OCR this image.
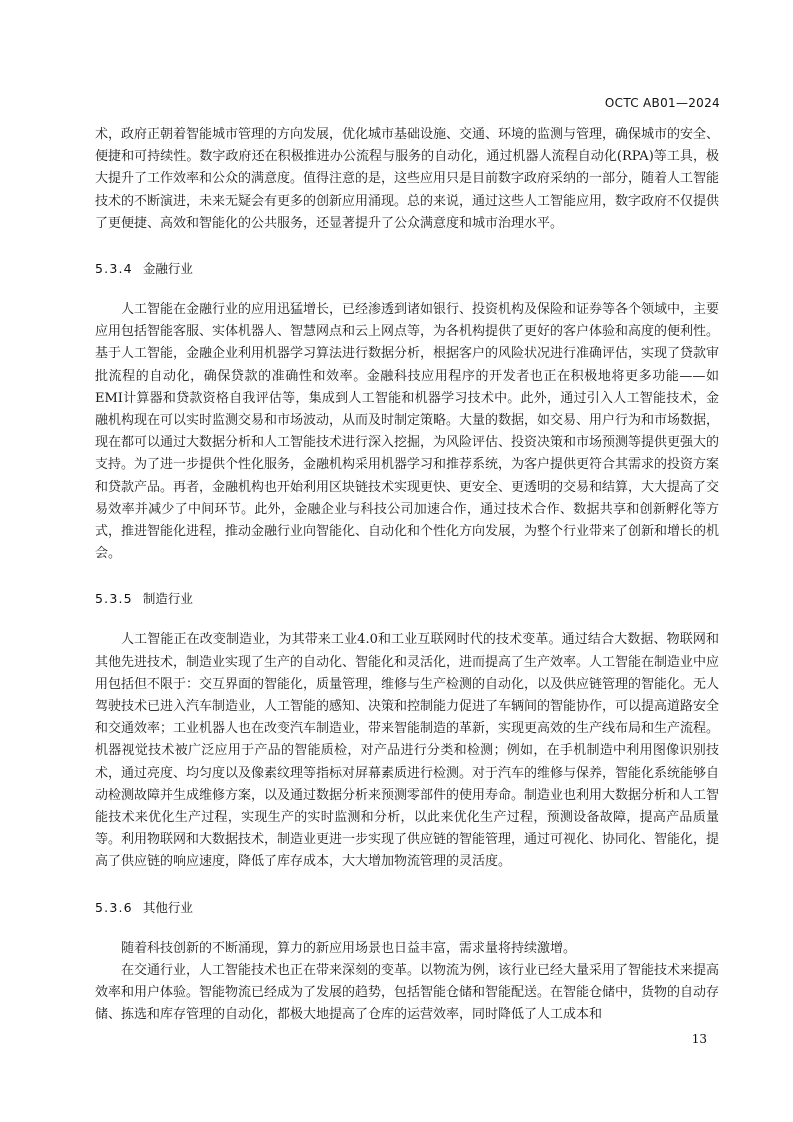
OCTC AB01—2024

术，政府正朝着智能城市管理的方向发展，优化城市基础设施、交通、环境的监测与管理，确保城市的安全、便捷和可持续性。数字政府还在积极推进办公流程与服务的自动化，通过机器人流程自动化(RPA)等工具，极大提升了工作效率和公众的满意度。值得注意的是，这些应用只是目前数字政府采纳的一部分，随着人工智能技术的不断演进，未来无疑会有更多的创新应用涌现。总的来说，通过这些人工智能应用，数字政府不仅提供了更便捷、高效和智能化的公共服务，还显著提升了公众满意度和城市治理水平。

5.3.4 金融行业

人工智能在金融行业的应用迅猛增长，已经渗透到诸如银行、投资机构及保险和证券等各个领域中，主要应用包括智能客服、实体机器人、智慧网点和云上网点等，为各机构提供了更好的客户体验和高度的便利性。基于人工智能，金融企业利用机器学习算法进行数据分析，根据客户的风险状况进行准确评估，实现了贷款审批流程的自动化，确保贷款的准确性和效率。金融科技应用程序的开发者也正在积极地将更多功能——如EMI计算器和贷款资格自我评估等，集成到人工智能和机器学习技术中。此外，通过引入人工智能技术，金融机构现在可以实时监测交易和市场波动，从而及时制定策略。大量的数据，如交易、用户行为和市场数据，现在都可以通过大数据分析和人工智能技术进行深入挖掘，为风险评估、投资决策和市场预测等提供更强大的支持。为了进一步提供个性化服务，金融机构采用机器学习和推荐系统，为客户提供更符合其需求的投资方案和贷款产品。再者，金融机构也开始利用区块链技术实现更快、更安全、更透明的交易和结算，大大提高了交易效率并减少了中间环节。此外，金融企业与科技公司加速合作，通过技术合作、数据共享和创新孵化等方式，推进智能化进程，推动金融行业向智能化、自动化和个性化方向发展，为整个行业带来了创新和增长的机会。

5.3.5 制造行业

人工智能正在改变制造业，为其带来工业4.0和工业互联网时代的技术变革。通过结合大数据、物联网和其他先进技术，制造业实现了生产的自动化、智能化和灵活化，进而提高了生产效率。人工智能在制造业中应用包括但不限于：交互界面的智能化，质量管理，维修与生产检测的自动化，以及供应链管理的智能化。无人驾驶技术已进入汽车制造业，人工智能的感知、决策和控制能力促进了车辆间的智能协作，可以提高道路安全和交通效率；工业机器人也在改变汽车制造业，带来智能制造的革新，实现更高效的生产线布局和生产流程。机器视觉技术被广泛应用于产品的智能质检，对产品进行分类和检测；例如，在手机制造中利用图像识别技术，通过亮度、均匀度以及像素纹理等指标对屏幕素质进行检测。对于汽车的维修与保养，智能化系统能够自动检测故障并生成维修方案，以及通过数据分析来预测零部件的使用寿命。制造业也利用大数据分析和人工智能技术来优化生产过程，实现生产的实时监测和分析，以此来优化生产过程，预测设备故障，提高产品质量等。利用物联网和大数据技术，制造业更进一步实现了供应链的智能管理，通过可视化、协同化、智能化，提高了供应链的响应速度，降低了库存成本，大大增加物流管理的灵活度。

5.3.6 其他行业

随着科技创新的不断涌现，算力的新应用场景也日益丰富，需求量将持续激增。

在交通行业，人工智能技术也正在带来深刻的变革。以物流为例，该行业已经大量采用了智能技术来提高效率和用户体验。智能物流已经成为了发展的趋势，包括智能仓储和智能配送。在智能仓储中，货物的自动存储、拣选和库存管理的自动化，都极大地提高了仓库的运营效率，同时降低了人工成本和

13
